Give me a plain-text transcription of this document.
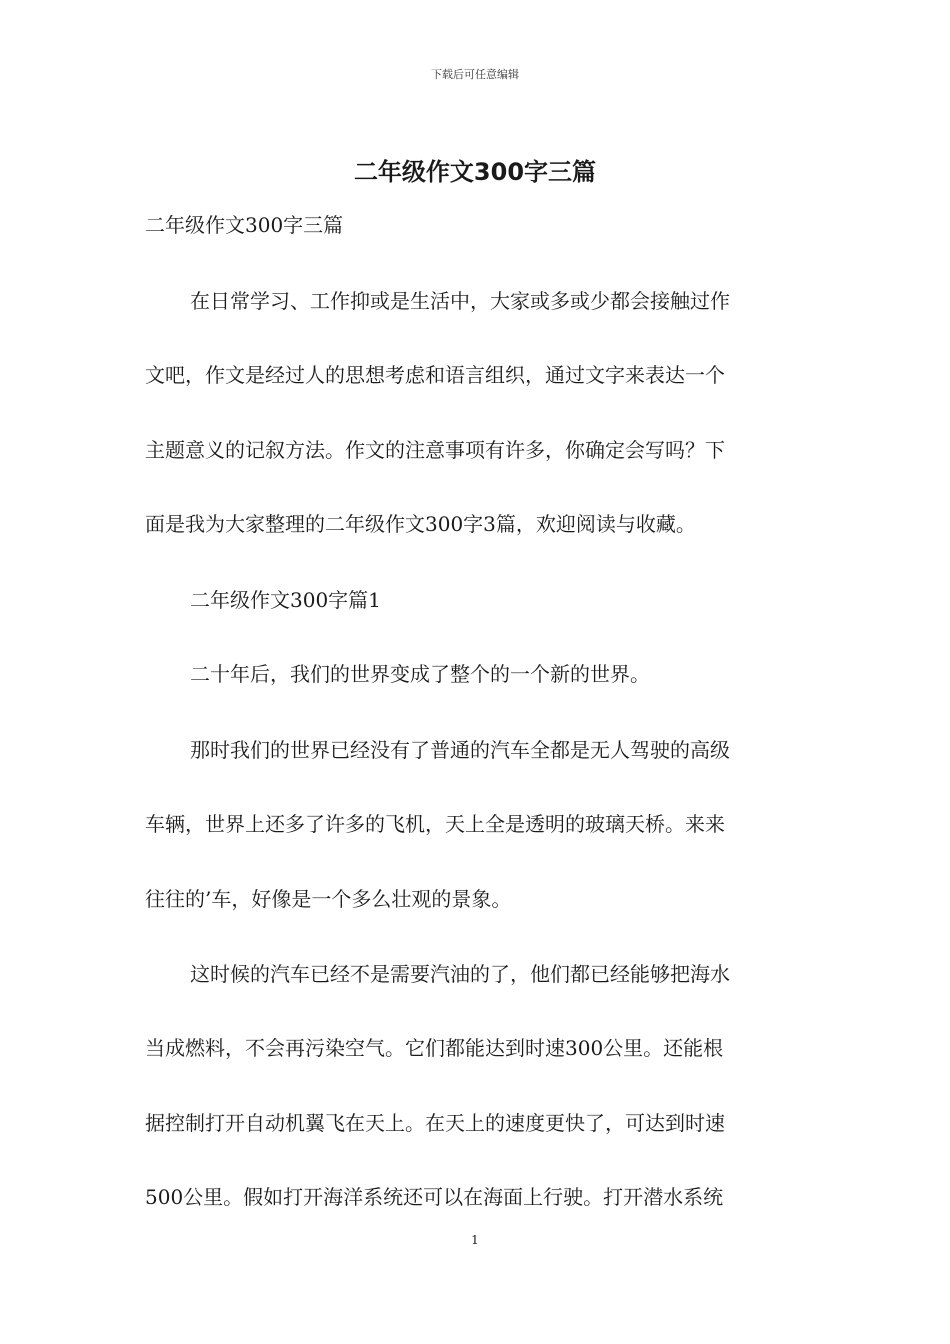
下载后可任意编辑
二年级作文300字三篇

二年级作文300字三篇

在日常学习、工作抑或是生活中，大家或多或少都会接触过作

文吧，作文是经过人的思想考虑和语言组织，通过文字来表达一个

主题意义的记叙方法。作文的注意事项有许多，你确定会写吗？下

面是我为大家整理的二年级作文300字3篇，欢迎阅读与收藏。

二年级作文300字篇1

二十年后，我们的世界变成了整个的一个新的世界。

那时我们的世界已经没有了普通的汽车全都是无人驾驶的高级

车辆，世界上还多了许多的飞机，天上全是透明的玻璃天桥。来来

往往的’车，好像是一个多么壮观的景象。

这时候的汽车已经不是需要汽油的了，他们都已经能够把海水

当成燃料，不会再污染空气。它们都能达到时速300公里。还能根

据控制打开自动机翼飞在天上。在天上的速度更快了，可达到时速

500公里。假如打开海洋系统还可以在海面上行驶。打开潜水系统

1
